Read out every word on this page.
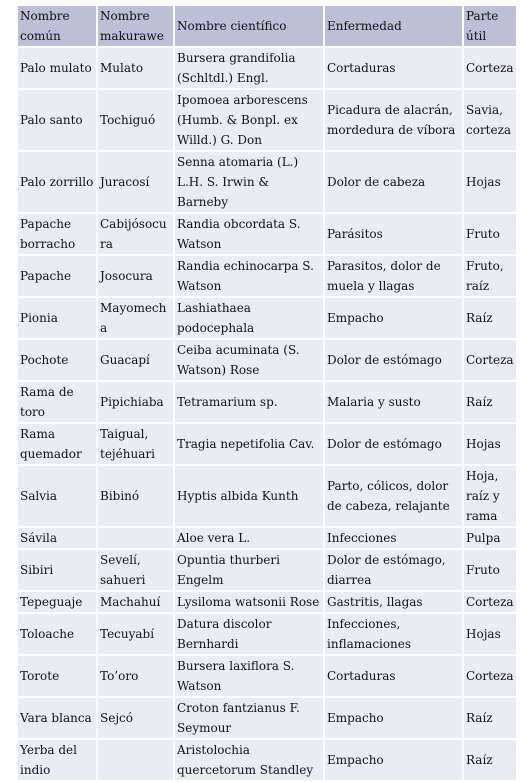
Nombre común	Nombre makurawe	Nombre científico	Enfermedad	Parte útil
Palo mulato	Mulato	Bursera grandifolia (Schltdl.) Engl.	Cortaduras	Corteza
Palo santo	Tochiguó	Ipomoea arborescens (Humb. & Bonpl. ex Willd.) G. Don	Picadura de alacrán, mordedura de víbora	Savia, corteza
Palo zorrillo	Juracosí	Senna atomaria (L.) L.H. S. Irwin & Barneby	Dolor de cabeza	Hojas
Papache borracho	Cabijósocura	Randia obcordata S. Watson	Parásitos	Fruto
Papache	Josocura	Randia echinocarpa S. Watson	Parasitos, dolor de muela y llagas	Fruto, raíz
Pionia	Mayomecha	Lashiathaea podocephala	Empacho	Raíz
Pochote	Guacapí	Ceiba acuminata (S. Watson) Rose	Dolor de estómago	Corteza
Rama de toro	Pipichiaba	Tetramarium sp.	Malaria y susto	Raíz
Rama quemador	Taigual, tejéhuari	Tragia nepetifolia Cav.	Dolor de estómago	Hojas
Salvia	Bibinó	Hyptis albida Kunth	Parto, cólicos, dolor de cabeza, relajante	Hoja, raíz y rama
Sávila		Aloe vera L.	Infecciones	Pulpa
Sibiri	Sevelí, sahueri	Opuntia thurberi Engelm	Dolor de estómago, diarrea	Fruto
Tepeguaje	Machahuí	Lysiloma watsonii Rose	Gastritis, llagas	Corteza
Toloache	Tecuyabí	Datura discolor Bernhardi	Infecciones, inflamaciones	Hojas
Torote	To’oro	Bursera laxiflora S. Watson	Cortaduras	Corteza
Vara blanca	Sejcó	Croton fantzianus F. Seymour	Empacho	Raíz
Yerba del indio		Aristolochia quercetorum Standley	Empacho	Raíz
